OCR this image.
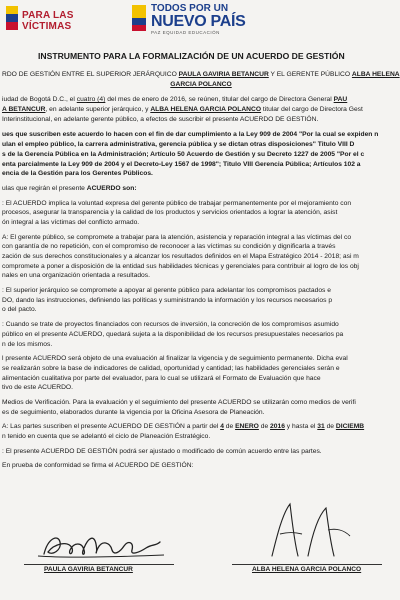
PARA LAS VÍCTIMAS
TODOS POR UN
NUEVO PAÍS
PAZ EQUIDAD EDUCACIÓN
INSTRUMENTO PARA LA FORMALIZACIÓN DE UN ACUERDO DE GESTIÓN
RDO DE GESTIÓN ENTRE EL SUPERIOR JERÁRQUICO PAULA GAVIRIA BETANCUR Y EL GERENTE PÚBLICO ALBA HELENA
GARCIA POLANCO
iudad de Bogotá D.C., el cuatro (4) del mes de enero de 2016, se reúnen, titular del cargo de Directora General PAU
A BETANCUR, en adelante superior jerárquico, y ALBA HELENA GARCIA POLANCO titular del cargo de Directora Gest
Interinstitucional, en adelante gerente público, a efectos de suscribir el presente ACUERDO DE GESTIÓN.
ues que suscriben este acuerdo lo hacen con el fin de dar cumplimiento a la Ley 909 de 2004 "Por la cual se expiden n
ulan el empleo público, la carrera administrativa, gerencia pública y se dictan otras disposiciones" Titulo VIII D
s de la Gerencia Pública en la Administración; Artículo 50 Acuerdo de Gestión y su Decreto 1227 de 2005 "Por el c
enta parcialmente la Ley 909 de 2004 y el Decreto-Ley 1567 de 1998"; Titulo VIII Gerencia Pública; Artículos 102 a
encia de la Gestión para los Gerentes Públicos.
ulas que regirán el presente ACUERDO son:
: El ACUERDO implica la voluntad expresa del gerente público de trabajar permanentemente por el mejoramiento con
procesos, asegurar la transparencia y la calidad de los productos y servicios orientados a lograr la atención, asist
ón integral a las víctimas del conflicto armado.
A: El gerente público, se compromete a trabajar para la atención, asistencia y reparación integral a las víctimas del co
con garantía de no repetición, con el compromiso de reconocer a las víctimas su condición y dignificarla a través
zación de sus derechos constitucionales y a alcanzar los resultados definidos en el Mapa Estratégico 2014 - 2018; asi m
compromete a poner a disposición de la entidad sus habilidades técnicas y gerenciales para contribuir al logro de los obj
nales en una organización orientada a resultados.
: El superior jerárquico se compromete a apoyar al gerente público para adelantar los compromisos pactados e
DO, dando las instrucciones, definiendo las políticas y suministrando la información y los recursos necesarios p
o del pacto.
: Cuando se trate de proyectos financiados con recursos de inversión, la concreción de los compromisos asumido
público en el presente ACUERDO, quedará sujeta a la disponibilidad de los recursos presupuestales necesarios pa
n de los mismos.
l presente ACUERDO será objeto de una evaluación al finalizar la vigencia y de seguimiento permanente. Dicha eval
se realizarán sobre la base de indicadores de calidad, oportunidad y cantidad; las habilidades gerenciales serán e
alimentación cualitativa por parte del evaluador, para lo cual se utilizará el Formato de Evaluación que hace
tivo de este ACUERDO.
Medios de Verificación. Para la evaluación y el seguimiento del presente ACUERDO se utilizarán como medios de verifi
es de seguimiento, elaborados durante la vigencia por la Oficina Asesora de Planeación.
A: Las partes suscriben el presente ACUERDO DE GESTIÓN a partir del 4 de ENERO de 2016 y hasta el 31 de DICIEMB
n tenido en cuenta que se adelantó el ciclo de Planeación Estratégico.
: El presente ACUERDO DE GESTIÓN podrá ser ajustado o modificado de común acuerdo entre las partes.
En prueba de conformidad se firma el ACUERDO DE GESTIÓN:
PAULA GAVIRIA BETANCUR	ALBA HELENA GARCIA POLANCO
